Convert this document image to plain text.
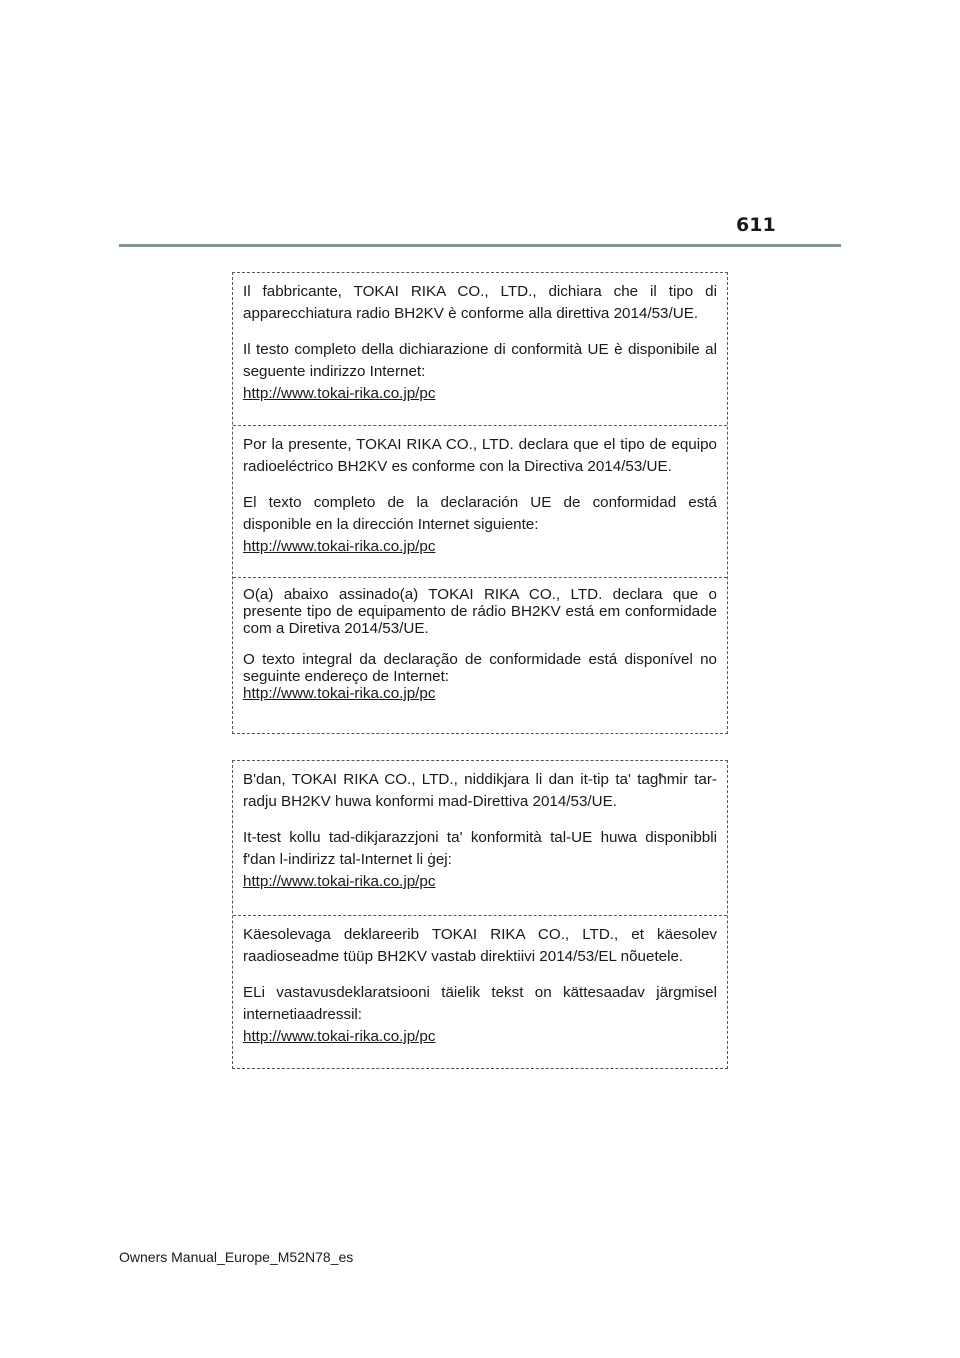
611

Il fabbricante, TOKAI RIKA CO., LTD., dichiara che il tipo di apparecchiatura radio BH2KV è conforme alla direttiva 2014/53/UE.

Il testo completo della dichiarazione di conformità UE è disponibile al seguente indirizzo Internet:

http://www.tokai-rika.co.jp/pc

Por la presente, TOKAI RIKA CO., LTD. declara que el tipo de equipo radioeléctrico BH2KV es conforme con la Directiva 2014/53/UE.

El texto completo de la declaración UE de conformidad está disponible en la dirección Internet siguiente:

http://www.tokai-rika.co.jp/pc

O(a) abaixo assinado(a) TOKAI RIKA CO., LTD. declara que o presente tipo de equipamento de rádio BH2KV está em conformidade com a Diretiva 2014/53/UE.

O texto integral da declaração de conformidade está disponível no seguinte endereço de Internet:

http://www.tokai-rika.co.jp/pc

B'dan, TOKAI RIKA CO., LTD., niddikjara li dan it-tip ta' tagħmir tar-radju BH2KV huwa konformi mad-Direttiva 2014/53/UE.

It-test kollu tad-dikjarazzjoni ta' konformità tal-UE huwa disponibbli f'dan l-indirizz tal-Internet li ġej:

http://www.tokai-rika.co.jp/pc

Käesolevaga deklareerib TOKAI RIKA CO., LTD., et käesolev raadioseadme tüüp BH2KV vastab direktiivi 2014/53/EL nõuetele.

ELi vastavusdeklaratsiooni täielik tekst on kättesaadav järgmisel internetiaadressil:

http://www.tokai-rika.co.jp/pc
Owners Manual_Europe_M52N78_es
